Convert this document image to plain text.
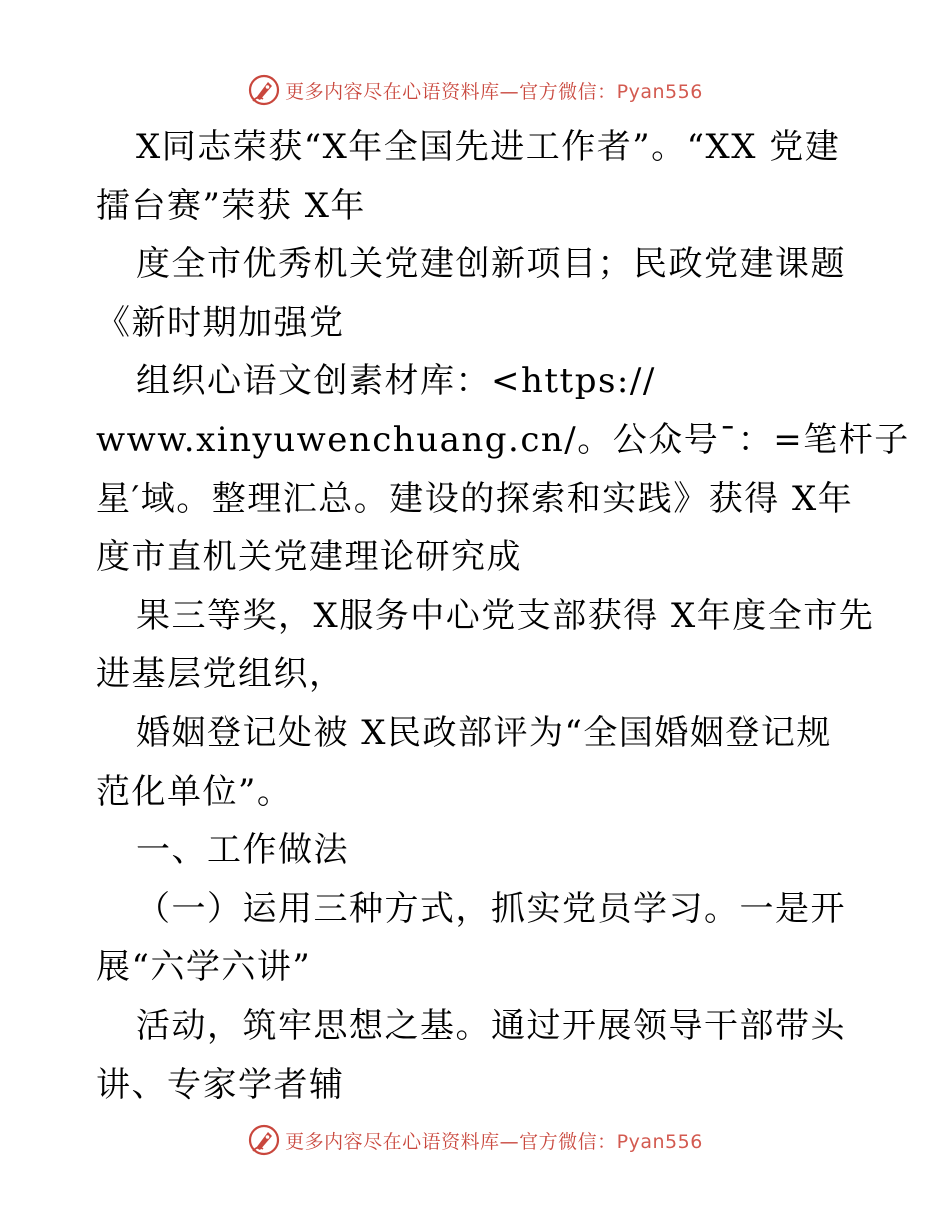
更多内容尽在心语资料库—官方微信：Pyan556
X同志荣获“X年全国先进工作者”。“XX 党建
擂台赛”荣获 X年
度全市优秀机关党建创新项目；民政党建课题
《新时期加强党
组织心语文创素材库：<https://
www.xinyuwenchuang.cn/。公众号¯：=笔杆子
星′域。整理汇总。建设的探索和实践》获得 X年
度市直机关党建理论研究成
果三等奖，X服务中心党支部获得 X年度全市先
进基层党组织，
婚姻登记处被 X民政部评为“全国婚姻登记规
范化单位”。
一、工作做法
（一）运用三种方式，抓实党员学习。一是开
展“六学六讲”
活动，筑牢思想之基。通过开展领导干部带头
讲、专家学者辅
更多内容尽在心语资料库—官方微信：Pyan556
